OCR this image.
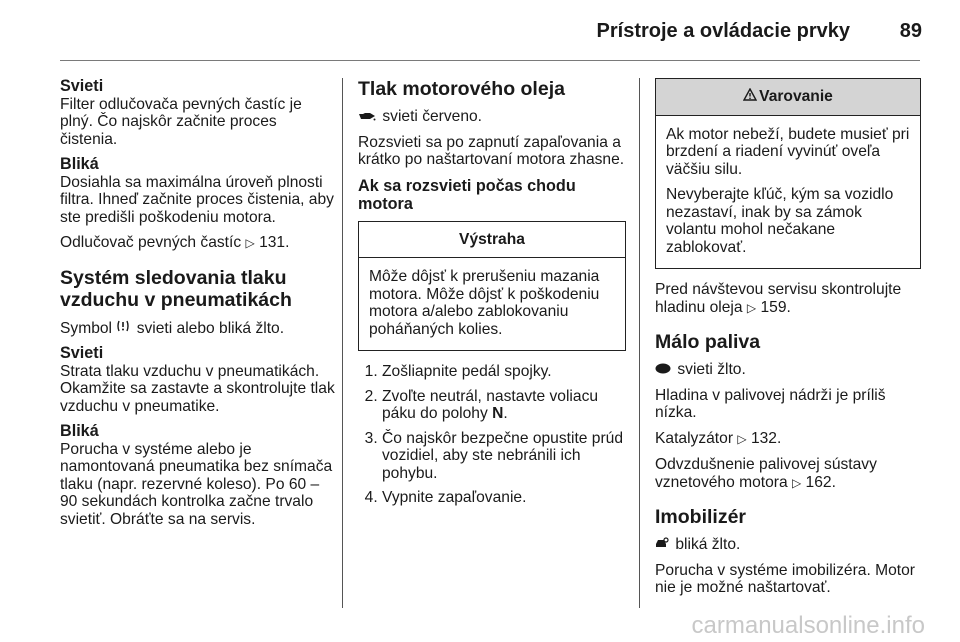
Prístroje a ovládacie prvky	89
Svieti

Filter odlučovača pevných častíc je plný. Čo najskôr začnite proces čistenia.

Bliká

Dosiahla sa maximálna úroveň plnosti filtra. Ihneď začnite proces čistenia, aby ste predišli poškodeniu motora.

Odlučovač pevných častíc ▷ 131.

Systém sledovania tlaku vzduchu v pneumatikách

Symbol svieti alebo bliká žlto.

Svieti

Strata tlaku vzduchu v pneumatikách. Okamžite sa zastavte a skontrolujte tlak vzduchu v pneumatike.

Bliká

Porucha v systéme alebo je namontovaná pneumatika bez snímača tlaku (napr. rezervné koleso). Po 60 – 90 sekundách kontrolka začne trvalo svietiť. Obráťte sa na servis.

Tlak motorového oleja

svieti červeno.

Rozsvieti sa po zapnutí zapaľovania a krátko po naštartovaní motora zhasne.

Ak sa rozsvieti počas chodu motora
Výstraha

Môže dôjsť k prerušeniu mazania motora. Môže dôjsť k poškodeniu motora a/alebo zablokovaniu poháňaných kolies.

1. Zošliapnite pedál spojky.
2. Zvoľte neutrál, nastavte voliacu páku do polohy N.
3. Čo najskôr bezpečne opustite prúd vozidiel, aby ste nebránili ich pohybu.
4. Vypnite zapaľovanie.
Varovanie

Ak motor nebeží, budete musieť pri brzdení a riadení vyvinúť oveľa väčšiu silu.

Nevyberajte kľúč, kým sa vozidlo nezastaví, inak by sa zámok volantu mohol nečakane zablokovať.

Pred návštevou servisu skontrolujte hladinu oleja ▷ 159.

Málo paliva

svieti žlto.

Hladina v palivovej nádrži je príliš nízka.

Katalyzátor ▷ 132.

Odvzdušnenie palivovej sústavy vznetového motora ▷ 162.

Imobilizér

bliká žlto.

Porucha v systéme imobilizéra. Motor nie je možné naštartovať.

carmanualsonline.info
